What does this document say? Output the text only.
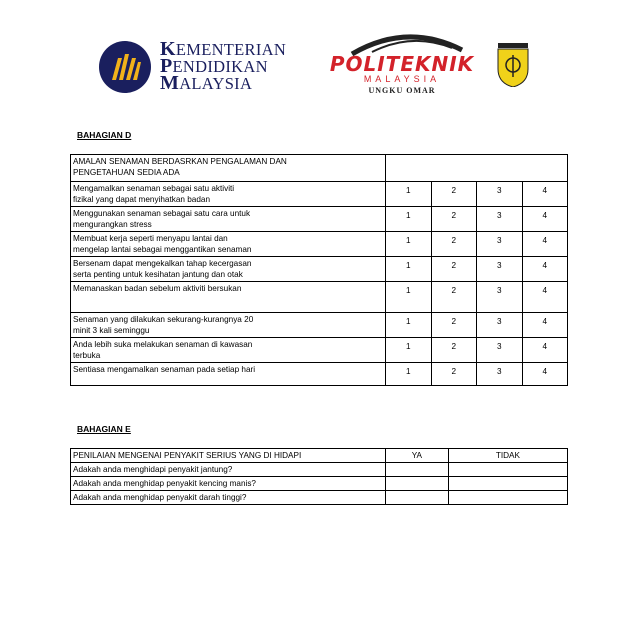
KEMENTERIAN
PENDIDIKAN
MALAYSIA
POLITEKNIK
MALAYSIA
UNGKU OMAR
BAHAGIAN D
AMALAN SENAMAN BERDASRKAN PENGALAMAN DAN
PENGETAHUAN SEDIA ADA				

Mengamalkan senaman sebagai satu aktiviti
fizikal yang dapat menyihatkan badan	1	2	3	4

Menggunakan senaman sebagai satu cara untuk
mengurangkan stress	1	2	3	4

Membuat kerja seperti menyapu lantai dan
mengelap lantai sebagai menggantikan senaman	1	2	3	4

Bersenam dapat mengekalkan tahap kecergasan
serta penting untuk kesihatan jantung dan otak	1	2	3	4

Memanaskan badan sebelum aktiviti bersukan	1	2	3	4

Senaman yang dilakukan sekurang-kurangnya 20
minit 3 kali seminggu	1	2	3	4

Anda lebih suka melakukan senaman di kawasan
terbuka	1	2	3	4

Sentiasa mengamalkan senaman pada setiap hari	1	2	3	4
BAHAGIAN E
PENILAIAN MENGENAI PENYAKIT SERIUS YANG DI HIDAPI	YA	TIDAK
Adakah anda menghidapi penyakit jantung?		
Adakah anda menghidap penyakit kencing manis?		
Adakah anda menghidap penyakit darah tinggi?		
